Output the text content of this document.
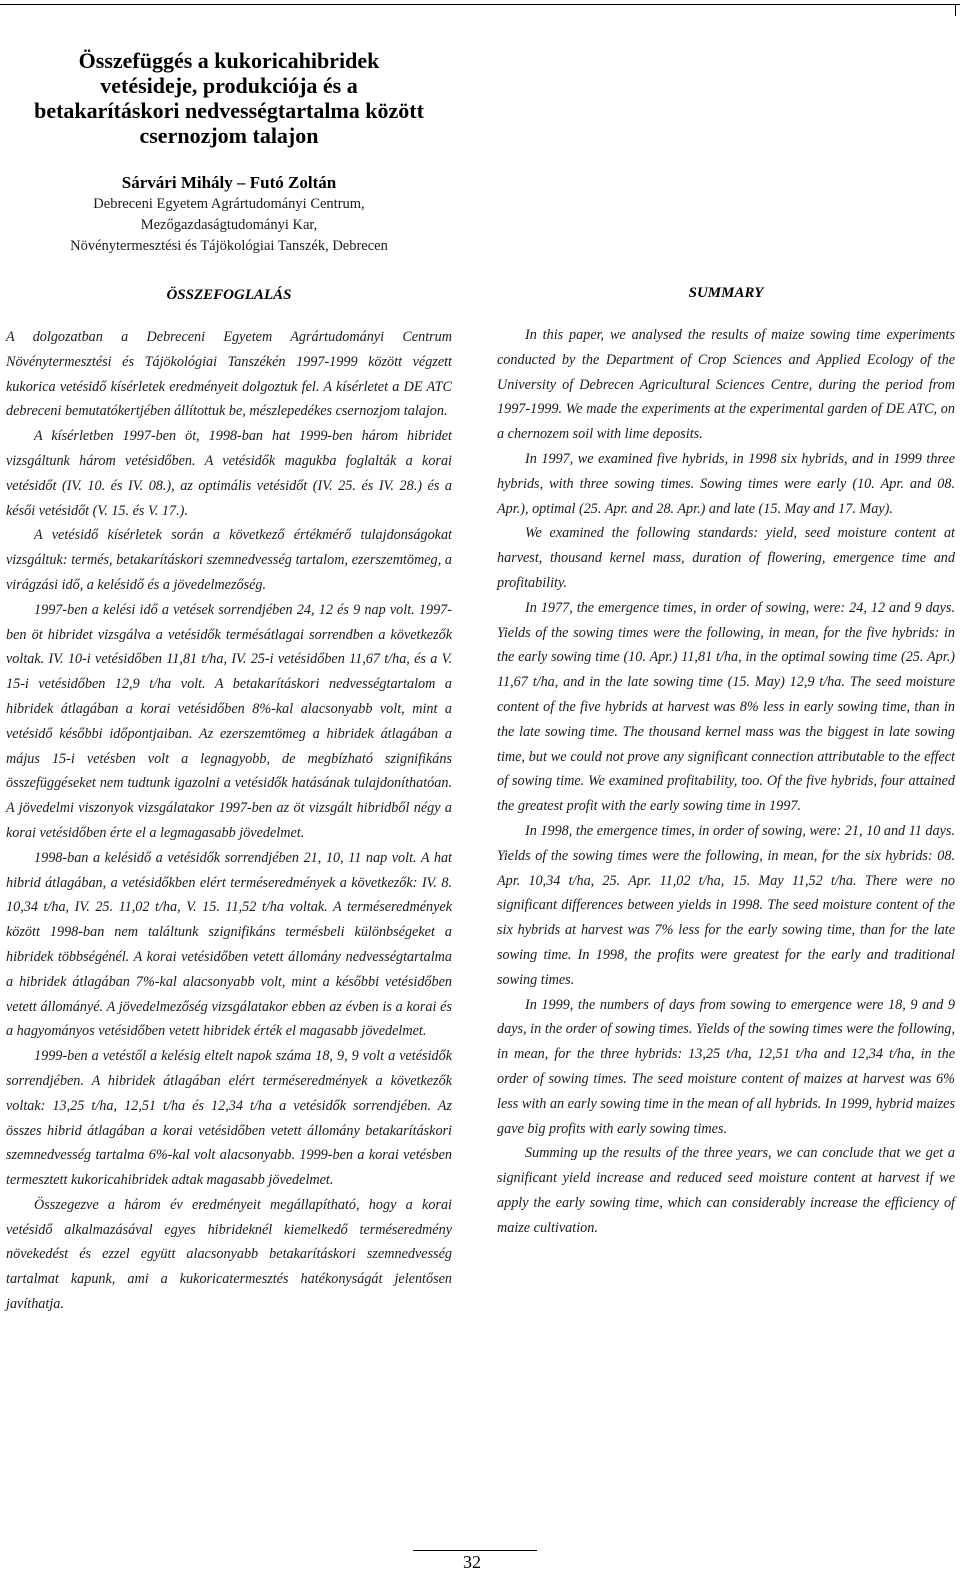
Összefüggés a kukoricahibridek
vetésideje, produkciója és a
betakarításkori nedvességtartalma között
csernozjom talajon

Sárvári Mihály – Futó Zoltán

Debreceni Egyetem Agrártudományi Centrum,
Mezőgazdaságtudományi Kar,
Növénytermesztési és Tájökológiai Tanszék, Debrecen

ÖSSZEFOGLALÁS

A dolgozatban a Debreceni Egyetem Agrártudományi Centrum Növénytermesztési és Tájökológiai Tanszékén 1997-1999 között végzett kukorica vetésidő kísérletek eredményeit dolgoztuk fel. A kísérletet a DE ATC debreceni bemutatókertjében állítottuk be, mészlepedékes csernozjom talajon.

A kísérletben 1997-ben öt, 1998-ban hat 1999-ben három hibridet vizsgáltunk három vetésidőben. A vetésidők magukba foglalták a korai vetésidőt (IV. 10. és IV. 08.), az optimális vetésidőt (IV. 25. és IV. 28.) és a késői vetésidőt (V. 15. és V. 17.).

A vetésidő kísérletek során a következő értékmérő tulajdonságokat vizsgáltuk: termés, betakarításkori szemnedvesség tartalom, ezerszemtömeg, a virágzási idő, a kelésidő és a jövedelmezőség.

1997-ben a kelési idő a vetések sorrendjében 24, 12 és 9 nap volt. 1997-ben öt hibridet vizsgálva a vetésidők termésátlagai sorrendben a következők voltak. IV. 10-i vetésidőben 11,81 t/ha, IV. 25-i vetésidőben 11,67 t/ha, és a V. 15-i vetésidőben 12,9 t/ha volt. A betakarításkori nedvességtartalom a hibridek átlagában a korai vetésidőben 8%-kal alacsonyabb volt, mint a vetésidő későbbi időpontjaiban. Az ezerszemtömeg a hibridek átlagában a május 15-i vetésben volt a legnagyobb, de megbízható szignifikáns összefüggéseket nem tudtunk igazolni a vetésidők hatásának tulajdoníthatóan. A jövedelmi viszonyok vizsgálatakor 1997-ben az öt vizsgált hibridből négy a korai vetésidőben érte el a legmagasabb jövedelmet.

1998-ban a kelésidő a vetésidők sorrendjében 21, 10, 11 nap volt. A hat hibrid átlagában, a vetésidőkben elért terméseredmények a következők: IV. 8. 10,34 t/ha, IV. 25. 11,02 t/ha, V. 15. 11,52 t/ha voltak. A terméseredmények között 1998-ban nem találtunk szignifikáns termésbeli különbségeket a hibridek többségénél. A korai vetésidőben vetett állomány nedvességtartalma a hibridek átlagában 7%-kal alacsonyabb volt, mint a későbbi vetésidőben vetett állományé. A jövedelmezőség vizsgálatakor ebben az évben is a korai és a hagyományos vetésidőben vetett hibridek érték el magasabb jövedelmet.

1999-ben a vetéstől a kelésig eltelt napok száma 18, 9, 9 volt a vetésidők sorrendjében. A hibridek átlagában elért terméseredmények a következők voltak: 13,25 t/ha, 12,51 t/ha és 12,34 t/ha a vetésidők sorrendjében. Az összes hibrid átlagában a korai vetésidőben vetett állomány betakarításkori szemnedvesség tartalma 6%-kal volt alacsonyabb. 1999-ben a korai vetésben termesztett kukoricahibridek adtak magasabb jövedelmet.

Összegezve a három év eredményeit megállapítható, hogy a korai vetésidő alkalmazásával egyes hibrideknél kiemelkedő terméseredmény növekedést és ezzel együtt alacsonyabb betakarításkori szemnedvesség tartalmat kapunk, ami a kukoricatermesztés hatékonyságát jelentősen javíthatja.

SUMMARY

In this paper, we analysed the results of maize sowing time experiments conducted by the Department of Crop Sciences and Applied Ecology of the University of Debrecen Agricultural Sciences Centre, during the period from 1997-1999. We made the experiments at the experimental garden of DE ATC, on a chernozem soil with lime deposits.

In 1997, we examined five hybrids, in 1998 six hybrids, and in 1999 three hybrids, with three sowing times. Sowing times were early (10. Apr. and 08. Apr.), optimal (25. Apr. and 28. Apr.) and late (15. May and 17. May).

We examined the following standards: yield, seed moisture content at harvest, thousand kernel mass, duration of flowering, emergence time and profitability.

In 1977, the emergence times, in order of sowing, were: 24, 12 and 9 days. Yields of the sowing times were the following, in mean, for the five hybrids: in the early sowing time (10. Apr.) 11,81 t/ha, in the optimal sowing time (25. Apr.) 11,67 t/ha, and in the late sowing time (15. May) 12,9 t/ha. The seed moisture content of the five hybrids at harvest was 8% less in early sowing time, than in the late sowing time. The thousand kernel mass was the biggest in late sowing time, but we could not prove any significant connection attributable to the effect of sowing time. We examined profitability, too. Of the five hybrids, four attained the greatest profit with the early sowing time in 1997.

In 1998, the emergence times, in order of sowing, were: 21, 10 and 11 days. Yields of the sowing times were the following, in mean, for the six hybrids: 08. Apr. 10,34 t/ha, 25. Apr. 11,02 t/ha, 15. May 11,52 t/ha. There were no significant differences between yields in 1998. The seed moisture content of the six hybrids at harvest was 7% less for the early sowing time, than for the late sowing time. In 1998, the profits were greatest for the early and traditional sowing times.

In 1999, the numbers of days from sowing to emergence were 18, 9 and 9 days, in the order of sowing times. Yields of the sowing times were the following, in mean, for the three hybrids: 13,25 t/ha, 12,51 t/ha and 12,34 t/ha, in the order of sowing times. The seed moisture content of maizes at harvest was 6% less with an early sowing time in the mean of all hybrids. In 1999, hybrid maizes gave big profits with early sowing times.

Summing up the results of the three years, we can conclude that we get a significant yield increase and reduced seed moisture content at harvest if we apply the early sowing time, which can considerably increase the efficiency of maize cultivation.

32
